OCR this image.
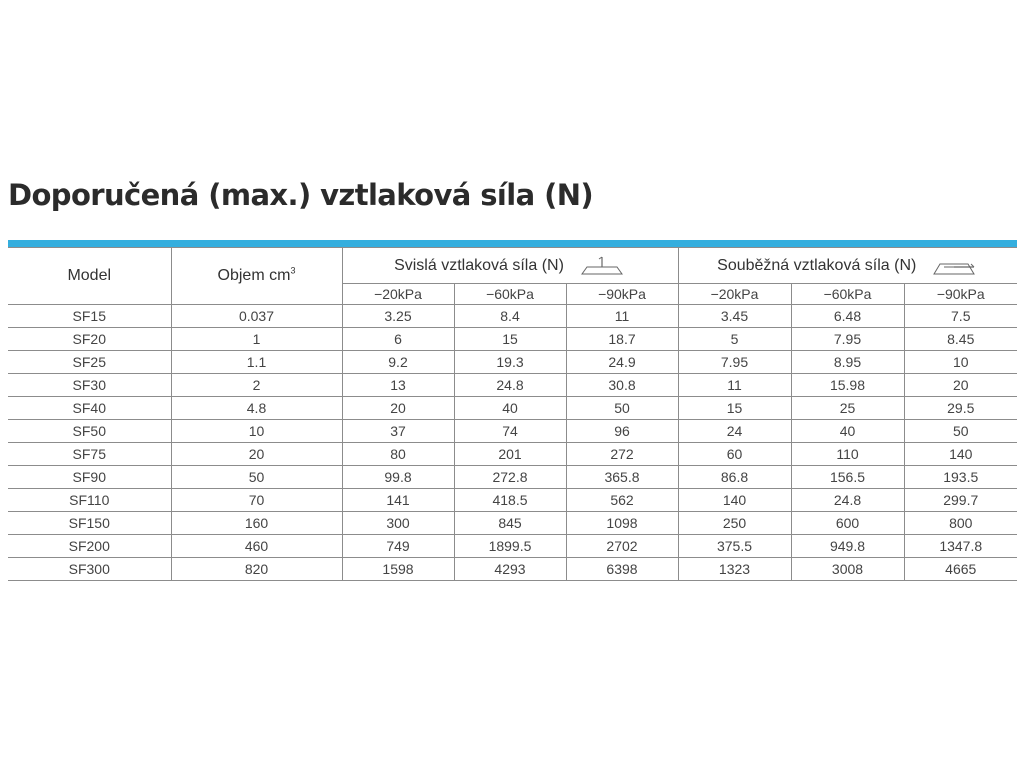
Doporučená (max.) vztlaková síla (N)
Model	Objem $cm^3$	Svislá vztlaková síla (N)			Souběžná vztlaková síla (N)		

		−20kPa	−60kPa	−90kPa	−20kPa	−60kPa	−90kPa
SF15	0.037	3.25	8.4	11	3.45	6.48	7.5
SF20	1	6	15	18.7	5	7.95	8.45
SF25	1.1	9.2	19.3	24.9	7.95	8.95	10
SF30	2	13	24.8	30.8	11	15.98	20
SF40	4.8	20	40	50	15	25	29.5
SF50	10	37	74	96	24	40	50
SF75	20	80	201	272	60	110	140
SF90	50	99.8	272.8	365.8	86.8	156.5	193.5
SF110	70	141	418.5	562	140	24.8	299.7
SF150	160	300	845	1098	250	600	800
SF200	460	749	1899.5	2702	375.5	949.8	1347.8
SF300	820	1598	4293	6398	1323	3008	4665
